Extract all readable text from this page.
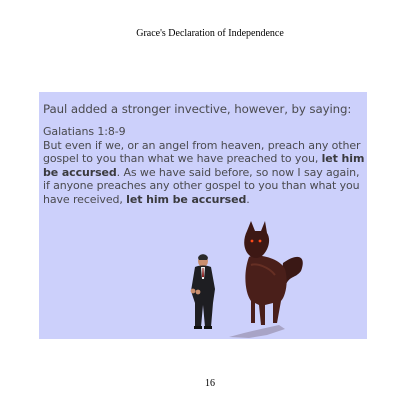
Grace's Declaration of Independence

Paul added a stronger invective, however, by saying:

Galatians 1:8-9

But even if we, or an angel from heaven, preach any other gospel to you than what we have preached to you, let him be accursed. As we have said before, so now I say again, if anyone preaches any other gospel to you than what you have received, let him be accursed.

16
